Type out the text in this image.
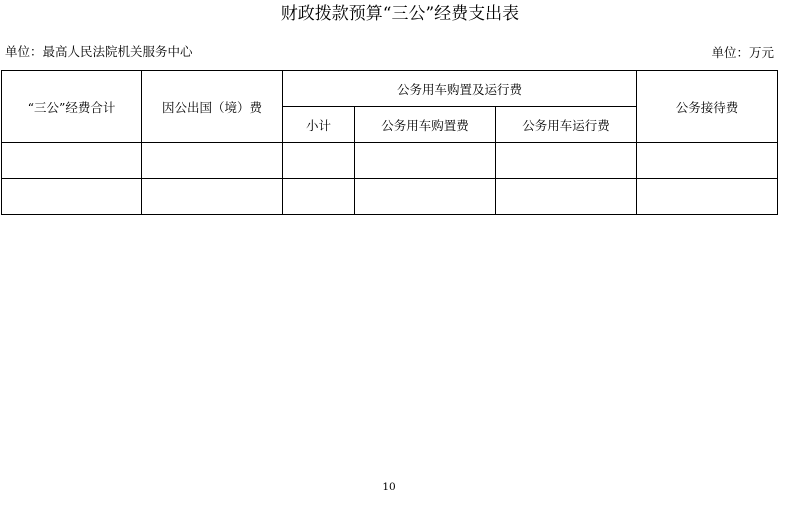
财政拨款预算“三公”经费支出表
单位：最高人民法院机关服务中心	单位：万元
“三公”经费合计	因公出国（境）费	公务用车购置及运行费			公务接待费
		小计	公务用车购置费	公务用车运行费	

10
